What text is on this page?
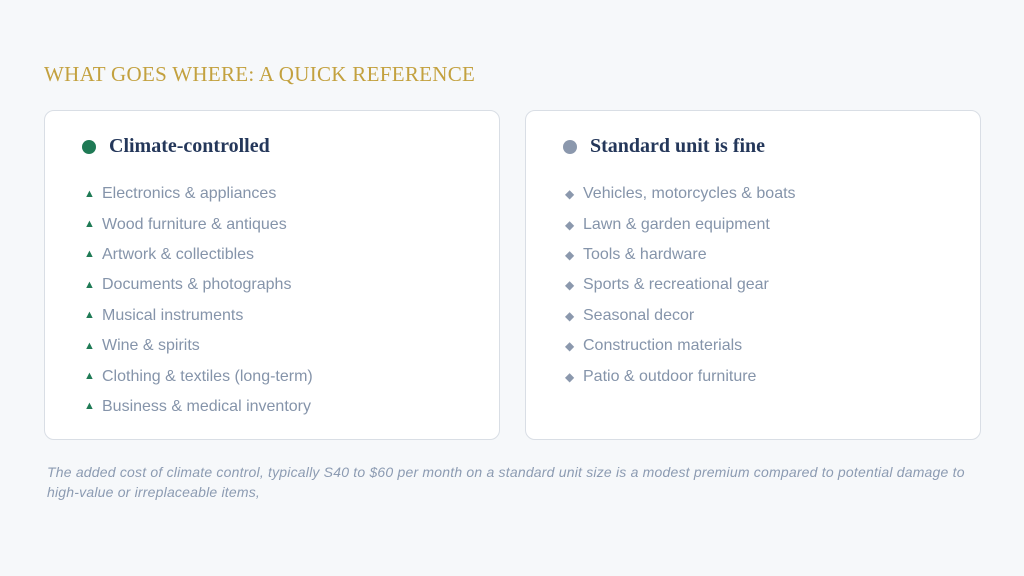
WHAT GOES WHERE: A QUICK REFERENCE
Climate-controlled
▲ Electronics & appliances
▲ Wood furniture & antiques
▲ Artwork & collectibles
▲ Documents & photographs
▲ Musical instruments
▲ Wine & spirits
▲ Clothing & textiles (long-term)
▲ Business & medical inventory
Standard unit is fine
◆ Vehicles, motorcycles & boats
◆ Lawn & garden equipment
◆ Tools & hardware
◆ Sports & recreational gear
◆ Seasonal decor
◆ Construction materials
◆ Patio & outdoor furniture

The added cost of climate control, typically S40 to $60 per month on a standard unit size is a modest premium compared to potential damage to high-value or irreplaceable items,
